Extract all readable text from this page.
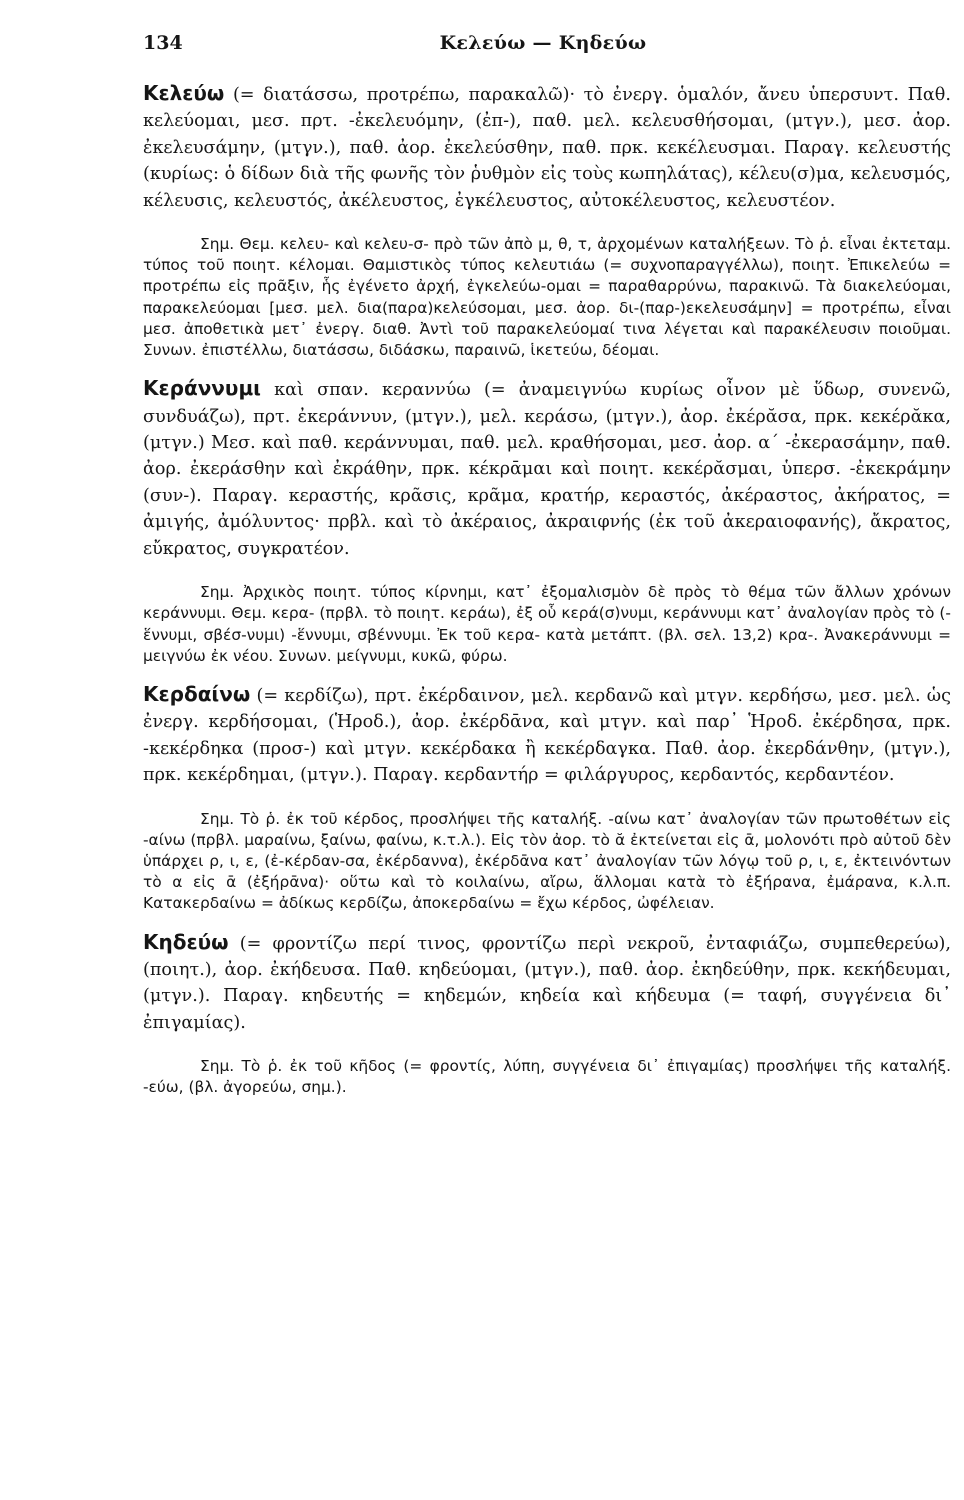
134	Κελεύω — Κηδεύω

Κελεύω (= διατάσσω, προτρέπω, παρακαλῶ)· τὸ ἐνεργ. ὁμαλόν, ἄνευ ὑπερσυντ. Παθ. κελεύομαι, μεσ. πρτ. -ἐκελευόμην, (ἐπ-), παθ. μελ. κελευσθήσομαι, (μτγν.), μεσ. ἀορ. ἐκελευσάμην, (μτγν.), παθ. ἀορ. ἐκελεύσθην, παθ. πρκ. κεκέλευσμαι. Παραγ. κελευστής (κυρίως: ὁ δίδων διὰ τῆς φωνῆς τὸν ῥυθμὸν εἰς τοὺς κωπηλάτας), κέλευ(σ)μα, κελευσμός, κέλευσις, κελευστός, ἀκέλευστος, ἐγκέλευστος, αὐτοκέλευστος, κελευστέον.

Σημ. Θεμ. κελευ- καὶ κελευ-σ- πρὸ τῶν ἀπὸ μ, θ, τ, ἀρχομένων καταλήξεων. Τὸ ῥ. εἶναι ἐκτεταμ. τύπος τοῦ ποιητ. κέλομαι. Θαμιστικὸς τύπος κελευτιάω (= συχνοπαραγγέλλω), ποιητ. Ἐπικελεύω = προτρέπω εἰς πρᾶξιν, ἧς ἐγένετο ἀρχή, ἐγκελεύω-ομαι = παραθαρρύνω, παρακινῶ. Τὰ διακελεύομαι, παρακελεύομαι [μεσ. μελ. δια(παρα)κελεύσομαι, μεσ. ἀορ. δι-(παρ-)εκελευσάμην] = προτρέπω, εἶναι μεσ. ἀποθετικὰ μετ᾽ ἐνεργ. διαθ. Ἀντὶ τοῦ παρακελεύομαί τινα λέγεται καὶ παρακέλευσιν ποιοῦμαι. Συνων. ἐπιστέλλω, διατάσσω, διδάσκω, παραινῶ, ἱκετεύω, δέομαι.

Κεράννυμι καὶ σπαν. κεραννύω (= ἀναμειγνύω κυρίως οἶνον μὲ ὕδωρ, συνενῶ, συνδυάζω), πρτ. ἐκεράννυν, (μτγν.), μελ. κεράσω, (μτγν.), ἀορ. ἐκέρᾰσα, πρκ. κεκέρᾰκα, (μτγν.) Μεσ. καὶ παθ. κεράννυμαι, παθ. μελ. κραθήσομαι, μεσ. ἀορ. α΄ -ἐκερασάμην, παθ. ἀορ. ἐκεράσθην καὶ ἐκράθην, πρκ. κέκρᾱμαι καὶ ποιητ. κεκέρᾰσμαι, ὑπερσ. -ἐκεκράμην (συν-). Παραγ. κεραστής, κρᾶσις, κρᾶμα, κρατήρ, κεραστός, ἀκέραστος, ἀκήρατος, = ἀμιγής, ἀμόλυντος· πρβλ. καὶ τὸ ἀκέραιος, ἀκραιφνής (ἐκ τοῦ ἀκεραιοφανής), ἄκρατος, εὔκρατος, συγκρατέον.

Σημ. Ἀρχικὸς ποιητ. τύπος κίρνημι, κατ᾽ ἐξομαλισμὸν δὲ πρὸς τὸ θέμα τῶν ἄλλων χρόνων κεράννυμι. Θεμ. κερα- (πρβλ. τὸ ποιητ. κεράω), ἐξ οὗ κερά(σ)νυμι, κεράννυμι κατ᾽ ἀναλογίαν πρὸς τὸ (-ἕννυμι, σβέσ-νυμι) -ἕννυμι, σβέννυμι. Ἐκ τοῦ κερα- κατὰ μετάπτ. (βλ. σελ. 13,2) κρα-. Ἀνακεράννυμι = μειγνύω ἐκ νέου. Συνων. μείγνυμι, κυκῶ, φύρω.

Κερδαίνω (= κερδίζω), πρτ. ἐκέρδαινον, μελ. κερδανῶ καὶ μτγν. κερδήσω, μεσ. μελ. ὡς ἐνεργ. κερδήσομαι, (Ἡροδ.), ἀορ. ἐκέρδᾱνα, καὶ μτγν. καὶ παρ᾽ Ἡροδ. ἐκέρδησα, πρκ. -κεκέρδηκα (προσ-) καὶ μτγν. κεκέρδακα ἢ κεκέρδαγκα. Παθ. ἀορ. ἐκερδάνθην, (μτγν.), πρκ. κεκέρδημαι, (μτγν.). Παραγ. κερδαντήρ = φιλάργυρος, κερδαντός, κερδαντέον.

Σημ. Τὸ ῥ. ἐκ τοῦ κέρδος, προσλήψει τῆς καταλήξ. -αίνω κατ᾽ ἀναλογίαν τῶν πρωτοθέτων εἰς -αίνω (πρβλ. μαραίνω, ξαίνω, φαίνω, κ.τ.λ.). Εἰς τὸν ἀορ. τὸ ᾰ ἐκτείνεται εἰς ᾱ, μολονότι πρὸ αὐτοῦ δὲν ὑπάρχει ρ, ι, ε, (ἐ-κέρδαν-σα, ἐκέρδαννα), ἐκέρδᾱνα κατ᾽ ἀναλογίαν τῶν λόγῳ τοῦ ρ, ι, ε, ἐκτεινόντων τὸ α εἰς ᾱ (ἐξήρᾱνα)· οὕτω καὶ τὸ κοιλαίνω, αἴρω, ἅλλομαι κατὰ τὸ ἐξήρανα, ἐμάρανα, κ.λ.π. Κατακερδαίνω = ἀδίκως κερδίζω, ἀποκερδαίνω = ἔχω κέρδος, ὠφέλειαν.

Κηδεύω (= φροντίζω περί τινος, φροντίζω περὶ νεκροῦ, ἐνταφιάζω, συμπεθερεύω), (ποιητ.), ἀορ. ἐκήδευσα. Παθ. κηδεύομαι, (μτγν.), παθ. ἀορ. ἐκηδεύθην, πρκ. κεκήδευμαι, (μτγν.). Παραγ. κηδευτής = κηδεμών, κηδεία καὶ κήδευμα (= ταφή, συγγένεια δι᾽ ἐπιγαμίας).

Σημ. Τὸ ῥ. ἐκ τοῦ κῆδος (= φροντίς, λύπη, συγγένεια δι᾽ ἐπιγαμίας) προσλήψει τῆς καταλήξ. -εύω, (βλ. ἀγορεύω, σημ.).
